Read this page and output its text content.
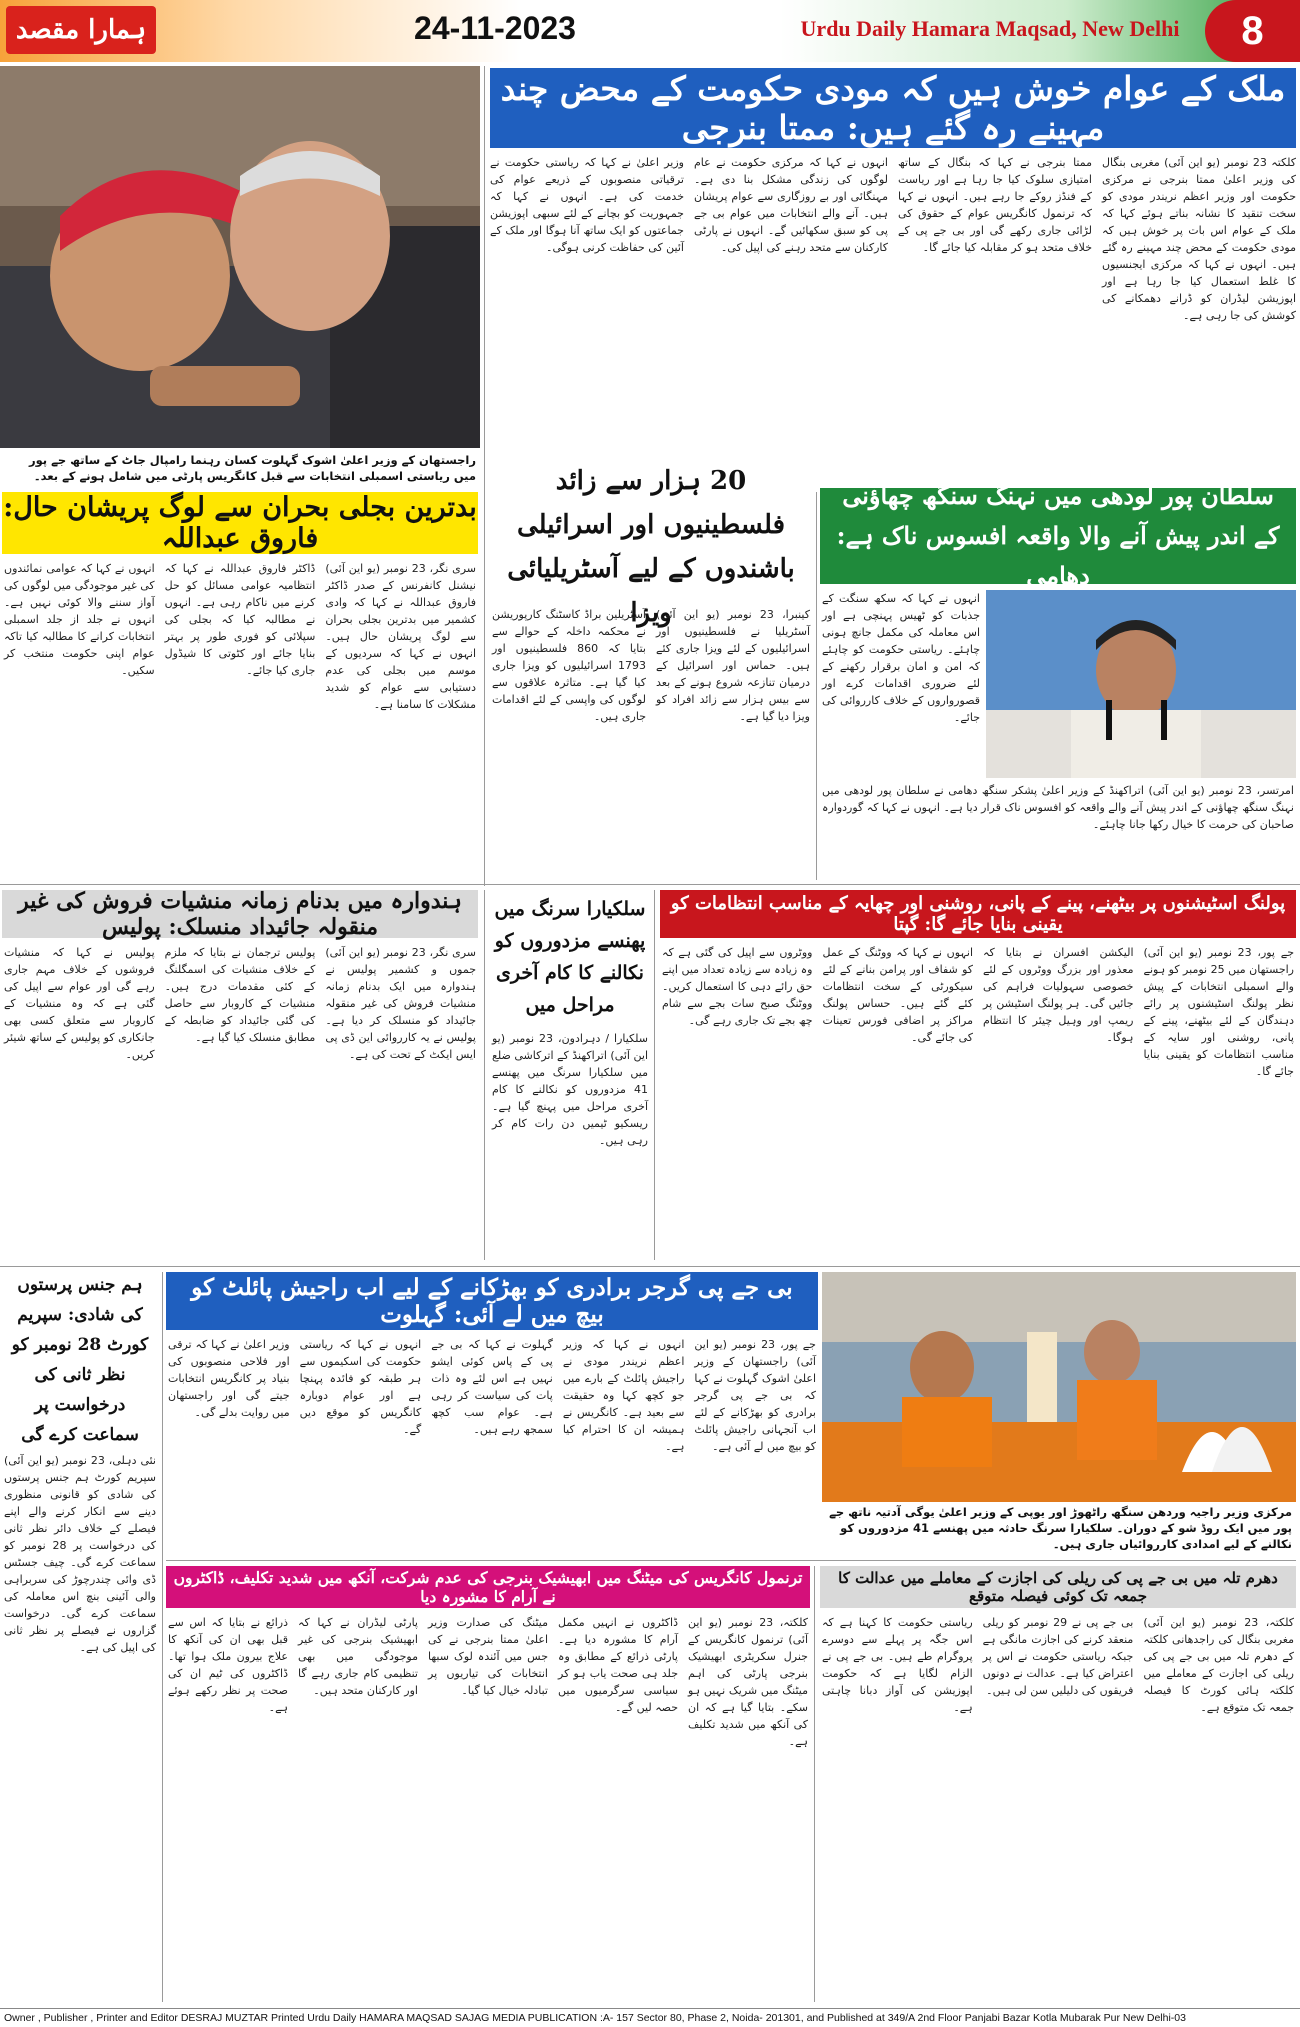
ہمارا مقصد	24-11-2023	Urdu Daily Hamara Maqsad, New Delhi	8
راجستھان کے وزیر اعلیٰ اشوک گہلوت کسان رہنما رامپال جاٹ کے ساتھ جے پور میں ریاستی اسمبلی انتخابات سے قبل کانگریس پارٹی میں شامل ہونے کے بعد۔
ملک کے عوام خوش ہیں کہ مودی حکومت کے محض چند مہینے رہ گئے ہیں: ممتا بنرجی
کلکتہ 23 نومبر (یو این آئی) مغربی بنگال کی وزیر اعلیٰ ممتا بنرجی نے مرکزی حکومت اور وزیر اعظم نریندر مودی کو سخت تنقید کا نشانہ بناتے ہوئے کہا کہ ملک کے عوام اس بات پر خوش ہیں کہ مودی حکومت کے محض چند مہینے رہ گئے ہیں۔ انہوں نے کہا کہ مرکزی ایجنسیوں کا غلط استعمال کیا جا رہا ہے اور اپوزیشن لیڈران کو ڈرانے دھمکانے کی کوشش کی جا رہی ہے۔
ممتا بنرجی نے کہا کہ بنگال کے ساتھ امتیازی سلوک کیا جا رہا ہے اور ریاست کے فنڈز روکے جا رہے ہیں۔ انہوں نے کہا کہ ترنمول کانگریس عوام کے حقوق کی لڑائی جاری رکھے گی اور بی جے پی کے خلاف متحد ہو کر مقابلہ کیا جائے گا۔
انہوں نے کہا کہ مرکزی حکومت نے عام لوگوں کی زندگی مشکل بنا دی ہے۔ مہنگائی اور بے روزگاری سے عوام پریشان ہیں۔ آنے والے انتخابات میں عوام بی جے پی کو سبق سکھائیں گے۔ انہوں نے پارٹی کارکنان سے متحد رہنے کی اپیل کی۔
وزیر اعلیٰ نے کہا کہ ریاستی حکومت نے ترقیاتی منصوبوں کے ذریعے عوام کی خدمت کی ہے۔ انہوں نے کہا کہ جمہوریت کو بچانے کے لئے سبھی اپوزیشن جماعتوں کو ایک ساتھ آنا ہوگا اور ملک کے آئین کی حفاظت کرنی ہوگی۔
بدترین بجلی بحران سے لوگ پریشان حال: فاروق عبداللہ
سری نگر، 23 نومبر (یو این آئی) نیشنل کانفرنس کے صدر ڈاکٹر فاروق عبداللہ نے کہا کہ وادی کشمیر میں بدترین بجلی بحران سے لوگ پریشان حال ہیں۔ انہوں نے کہا کہ سردیوں کے موسم میں بجلی کی عدم دستیابی سے عوام کو شدید مشکلات کا سامنا ہے۔
ڈاکٹر فاروق عبداللہ نے کہا کہ انتظامیہ عوامی مسائل کو حل کرنے میں ناکام رہی ہے۔ انہوں نے مطالبہ کیا کہ بجلی کی سپلائی کو فوری طور پر بہتر بنایا جائے اور کٹوتی کا شیڈول جاری کیا جائے۔
انہوں نے کہا کہ عوامی نمائندوں کی غیر موجودگی میں لوگوں کی آواز سننے والا کوئی نہیں ہے۔ انہوں نے جلد از جلد اسمبلی انتخابات کرانے کا مطالبہ کیا تاکہ عوام اپنی حکومت منتخب کر سکیں۔
20 ہزار سے زائد فلسطینیوں اور اسرائیلی باشندوں کے لیے آسٹریلیائی ویزا
کینبرا، 23 نومبر (یو این آئی) آسٹریلیا نے فلسطینیوں اور اسرائیلیوں کے لئے ویزا جاری کئے ہیں۔ حماس اور اسرائیل کے درمیان تنازعہ شروع ہونے کے بعد سے بیس ہزار سے زائد افراد کو ویزا دیا گیا ہے۔
آسٹریلین براڈ کاسٹنگ کارپوریشن نے محکمہ داخلہ کے حوالے سے بتایا کہ 860 فلسطینیوں اور 1793 اسرائیلیوں کو ویزا جاری کیا گیا ہے۔ متاثرہ علاقوں سے لوگوں کی واپسی کے لئے اقدامات جاری ہیں۔
سلطان پور لودھی میں نہنگ سنگھ چھاؤنی کے اندر پیش آنے والا واقعہ افسوس ناک ہے: دھامی
انہوں نے کہا کہ سکھ سنگت کے جذبات کو ٹھیس پہنچی ہے اور اس معاملہ کی مکمل جانچ ہونی چاہئے۔ ریاستی حکومت کو چاہئے کہ امن و امان برقرار رکھنے کے لئے ضروری اقدامات کرے اور قصورواروں کے خلاف کارروائی کی جائے۔
امرتسر، 23 نومبر (یو این آئی) اتراکھنڈ کے وزیر اعلیٰ پشکر سنگھ دھامی نے سلطان پور لودھی میں نہنگ سنگھ چھاؤنی کے اندر پیش آنے والے واقعہ کو افسوس ناک قرار دیا ہے۔ انہوں نے کہا کہ گوردوارہ صاحبان کی حرمت کا خیال رکھا جانا چاہئے۔
ہندوارہ میں بدنام زمانہ منشیات فروش کی غیر منقولہ جائیداد منسلک: پولیس
سری نگر، 23 نومبر (یو این آئی) جموں و کشمیر پولیس نے ہندوارہ میں ایک بدنام زمانہ منشیات فروش کی غیر منقولہ جائیداد کو منسلک کر دیا ہے۔ پولیس نے یہ کارروائی این ڈی پی ایس ایکٹ کے تحت کی ہے۔
پولیس ترجمان نے بتایا کہ ملزم کے خلاف منشیات کی اسمگلنگ کے کئی مقدمات درج ہیں۔ منشیات کے کاروبار سے حاصل کی گئی جائیداد کو ضابطہ کے مطابق منسلک کیا گیا ہے۔
پولیس نے کہا کہ منشیات فروشوں کے خلاف مہم جاری رہے گی اور عوام سے اپیل کی گئی ہے کہ وہ منشیات کے کاروبار سے متعلق کسی بھی جانکاری کو پولیس کے ساتھ شیئر کریں۔
سلکیارا سرنگ میں پھنسے مزدوروں کو نکالنے کا کام آخری مراحل میں
سلکیارا / دہرادون، 23 نومبر (یو این آئی) اتراکھنڈ کے اترکاشی ضلع میں سلکیارا سرنگ میں پھنسے 41 مزدوروں کو نکالنے کا کام آخری مراحل میں پہنچ گیا ہے۔ ریسکیو ٹیمیں دن رات کام کر رہی ہیں۔
پولنگ اسٹیشنوں پر بیٹھنے، پینے کے پانی، روشنی اور چھایہ کے مناسب انتظامات کو یقینی بنایا جائے گا: گپتا
جے پور، 23 نومبر (یو این آئی) راجستھان میں 25 نومبر کو ہونے والے اسمبلی انتخابات کے پیش نظر پولنگ اسٹیشنوں پر رائے دہندگان کے لئے بیٹھنے، پینے کے پانی، روشنی اور سایہ کے مناسب انتظامات کو یقینی بنایا جائے گا۔
الیکشن افسران نے بتایا کہ معذور اور بزرگ ووٹروں کے لئے خصوصی سہولیات فراہم کی جائیں گی۔ ہر پولنگ اسٹیشن پر ریمپ اور وہیل چیئر کا انتظام ہوگا۔
انہوں نے کہا کہ ووٹنگ کے عمل کو شفاف اور پرامن بنانے کے لئے سیکورٹی کے سخت انتظامات کئے گئے ہیں۔ حساس پولنگ مراکز پر اضافی فورس تعینات کی جائے گی۔
ووٹروں سے اپیل کی گئی ہے کہ وہ زیادہ سے زیادہ تعداد میں اپنے حق رائے دہی کا استعمال کریں۔ ووٹنگ صبح سات بجے سے شام چھ بجے تک جاری رہے گی۔
ہم جنس پرستوں کی شادی: سپریم کورٹ 28 نومبر کو نظر ثانی کی درخواست پر سماعت کرے گی
نئی دہلی، 23 نومبر (یو این آئی) سپریم کورٹ ہم جنس پرستوں کی شادی کو قانونی منظوری دینے سے انکار کرنے والے اپنے فیصلے کے خلاف دائر نظر ثانی کی درخواست پر 28 نومبر کو سماعت کرے گی۔ چیف جسٹس ڈی وائی چندرچوڑ کی سربراہی والی آئینی بنچ اس معاملہ کی سماعت کرے گی۔ درخواست گزاروں نے فیصلے پر نظر ثانی کی اپیل کی ہے۔
بی جے پی گرجر برادری کو بھڑکانے کے لیے اب راجیش پائلٹ کو بیچ میں لے آئی: گہلوت
جے پور، 23 نومبر (یو این آئی) راجستھان کے وزیر اعلیٰ اشوک گہلوت نے کہا کہ بی جے پی گرجر برادری کو بھڑکانے کے لئے اب آنجہانی راجیش پائلٹ کو بیچ میں لے آئی ہے۔
انہوں نے کہا کہ وزیر اعظم نریندر مودی نے راجیش پائلٹ کے بارے میں جو کچھ کہا وہ حقیقت سے بعید ہے۔ کانگریس نے ہمیشہ ان کا احترام کیا ہے۔
گہلوت نے کہا کہ بی جے پی کے پاس کوئی ایشو نہیں ہے اس لئے وہ ذات پات کی سیاست کر رہی ہے۔ عوام سب کچھ سمجھ رہے ہیں۔
انہوں نے کہا کہ ریاستی حکومت کی اسکیموں سے ہر طبقہ کو فائدہ پہنچا ہے اور عوام دوبارہ کانگریس کو موقع دیں گے۔
وزیر اعلیٰ نے کہا کہ ترقی اور فلاحی منصوبوں کی بنیاد پر کانگریس انتخابات جیتے گی اور راجستھان میں روایت بدلے گی۔
مرکزی وزیر راجیہ وردھن سنگھ راٹھوڑ اور یوپی کے وزیر اعلیٰ یوگی آدتیہ ناتھ جے پور میں ایک روڈ شو کے دوران۔ سلکیارا سرنگ حادثہ میں پھنسے 41 مزدوروں کو نکالنے کے لیے امدادی کارروائیاں جاری ہیں۔
ترنمول کانگریس کی میٹنگ میں ابھیشیک بنرجی کی عدم شرکت، آنکھ میں شدید تکلیف، ڈاکٹروں نے آرام کا مشورہ دیا
کلکتہ، 23 نومبر (یو این آئی) ترنمول کانگریس کے جنرل سکریٹری ابھیشیک بنرجی پارٹی کی اہم میٹنگ میں شریک نہیں ہو سکے۔ بتایا گیا ہے کہ ان کی آنکھ میں شدید تکلیف ہے۔
ڈاکٹروں نے انہیں مکمل آرام کا مشورہ دیا ہے۔ پارٹی ذرائع کے مطابق وہ جلد ہی صحت یاب ہو کر سیاسی سرگرمیوں میں حصہ لیں گے۔
میٹنگ کی صدارت وزیر اعلیٰ ممتا بنرجی نے کی جس میں آئندہ لوک سبھا انتخابات کی تیاریوں پر تبادلہ خیال کیا گیا۔
پارٹی لیڈران نے کہا کہ ابھیشیک بنرجی کی غیر موجودگی میں بھی تنظیمی کام جاری رہے گا اور کارکنان متحد ہیں۔
ذرائع نے بتایا کہ اس سے قبل بھی ان کی آنکھ کا علاج بیرون ملک ہوا تھا۔ ڈاکٹروں کی ٹیم ان کی صحت پر نظر رکھے ہوئے ہے۔
دھرم تلہ میں بی جے پی کی ریلی کی اجازت کے معاملے میں عدالت کا جمعہ تک کوئی فیصلہ متوقع
کلکتہ، 23 نومبر (یو این آئی) مغربی بنگال کی راجدھانی کلکتہ کے دھرم تلہ میں بی جے پی کی ریلی کی اجازت کے معاملے میں کلکتہ ہائی کورٹ کا فیصلہ جمعہ تک متوقع ہے۔
بی جے پی نے 29 نومبر کو ریلی منعقد کرنے کی اجازت مانگی ہے جبکہ ریاستی حکومت نے اس پر اعتراض کیا ہے۔ عدالت نے دونوں فریقوں کی دلیلیں سن لی ہیں۔
ریاستی حکومت کا کہنا ہے کہ اس جگہ پر پہلے سے دوسرے پروگرام طے ہیں۔ بی جے پی نے الزام لگایا ہے کہ حکومت اپوزیشن کی آواز دبانا چاہتی ہے۔
Owner , Publisher , Printer and Editor DESRAJ MUZTAR Printed Urdu Daily HAMARA MAQSAD SAJAG MEDIA PUBLICATION :A- 157 Sector 80, Phase 2, Noida- 201301, and Published at 349/A 2nd Floor Panjabi Bazar Kotla Mubarak Pur New Delhi-03
